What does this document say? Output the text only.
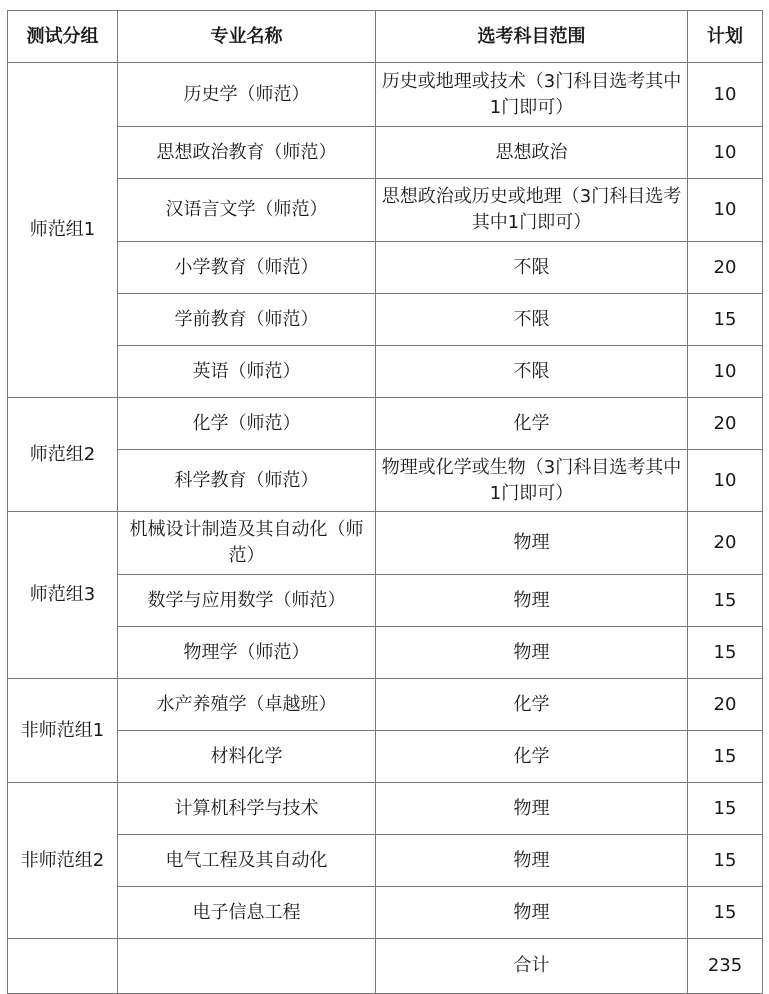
测试分组	专业名称	选考科目范围	计划
师范组1	历史学（师范）	历史或地理或技术（3门科目选考其中1门即可）	10
	思想政治教育（师范）	思想政治	10
	汉语言文学（师范）	思想政治或历史或地理（3门科目选考其中1门即可）	10
	小学教育（师范）	不限	20
	学前教育（师范）	不限	15
	英语（师范）	不限	10
师范组2	化学（师范）	化学	20
	科学教育（师范）	物理或化学或生物（3门科目选考其中1门即可）	10
师范组3	机械设计制造及其自动化（师范）	物理	20
	数学与应用数学（师范）	物理	15
	物理学（师范）	物理	15
非师范组1	水产养殖学（卓越班）	化学	20
	材料化学	化学	15
非师范组2	计算机科学与技术	物理	15
	电气工程及其自动化	物理	15
	电子信息工程	物理	15
		合计	235
